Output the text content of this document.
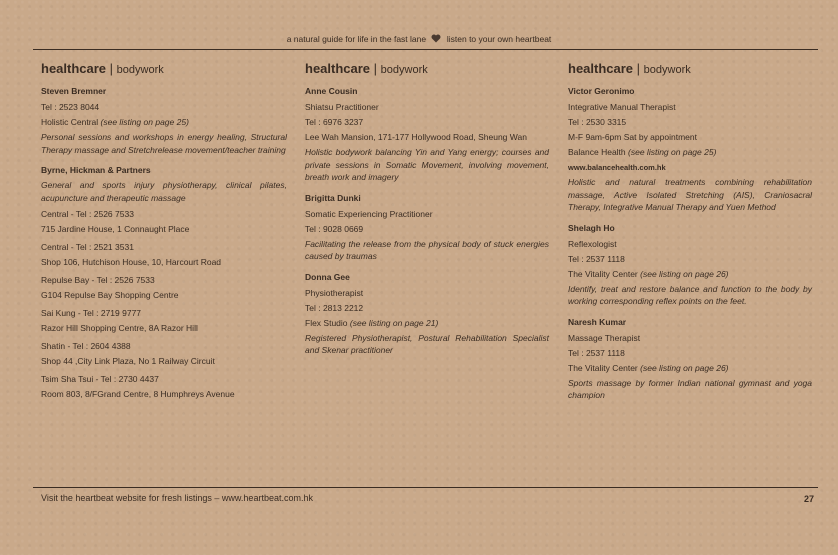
a natural guide for life in the fast lane listen to your own heartbeat
healthcare | bodywork
Steven Bremner
Tel : 2523 8044
Holistic Central (see listing on page 25)
Personal sessions and workshops in energy healing, Structural Therapy massage and Stretchrelease movement/teacher training
Byrne, Hickman & Partners
General and sports injury physiotherapy, clinical pilates, acupuncture and therapeutic massage
Central - Tel : 2526 7533
715 Jardine House, 1 Connaught Place
Central - Tel : 2521 3531
Shop 106, Hutchison House, 10, Harcourt Road
Repulse Bay - Tel : 2526 7533
G104 Repulse Bay Shopping Centre
Sai Kung - Tel : 2719 9777
Razor Hill Shopping Centre, 8A Razor Hill
Shatin - Tel : 2604 4388
Shop 44 ,City Link Plaza, No 1 Railway Circuit
Tsim Sha Tsui - Tel : 2730 4437
Room 803, 8/FGrand Centre, 8 Humphreys Avenue
healthcare | bodywork
Anne Cousin
Shiatsu Practitioner
Tel : 6976 3237
Lee Wah Mansion, 171-177 Hollywood Road, Sheung Wan
Holistic bodywork balancing Yin and Yang energy; courses and private sessions in Somatic Movement, involving movement, breath work and imagery
Brigitta Dunki
Somatic Experiencing Practitioner
Tel : 9028 0669
Facilitating the release from the physical body of stuck energies caused by traumas
Donna Gee
Physiotherapist
Tel : 2813 2212
Flex Studio (see listing on page 21)
Registered Physiotherapist, Postural Rehabilitation Specialist and Skenar practitioner
healthcare | bodywork
Victor Geronimo
Integrative Manual Therapist
Tel : 2530 3315
M-F 9am-6pm Sat by appointment
Balance Health (see listing on page 25)
www.balancehealth.com.hk
Holistic and natural treatments combining rehabilitation massage, Active Isolated Stretching (AIS), Craniosacral Therapy, Integrative Manual Therapy and Yuen Method
Shelagh Ho
Reflexologist
Tel : 2537 1118
The Vitality Center (see listing on page 26)
Identify, treat and restore balance and function to the body by working corresponding reflex points on the feet.
Naresh Kumar
Massage Therapist
Tel : 2537 1118
The Vitality Center (see listing on page 26)
Sports massage by former Indian national gymnast and yoga champion
Visit the heartbeat website for fresh listings – www.heartbeat.com.hk	27
